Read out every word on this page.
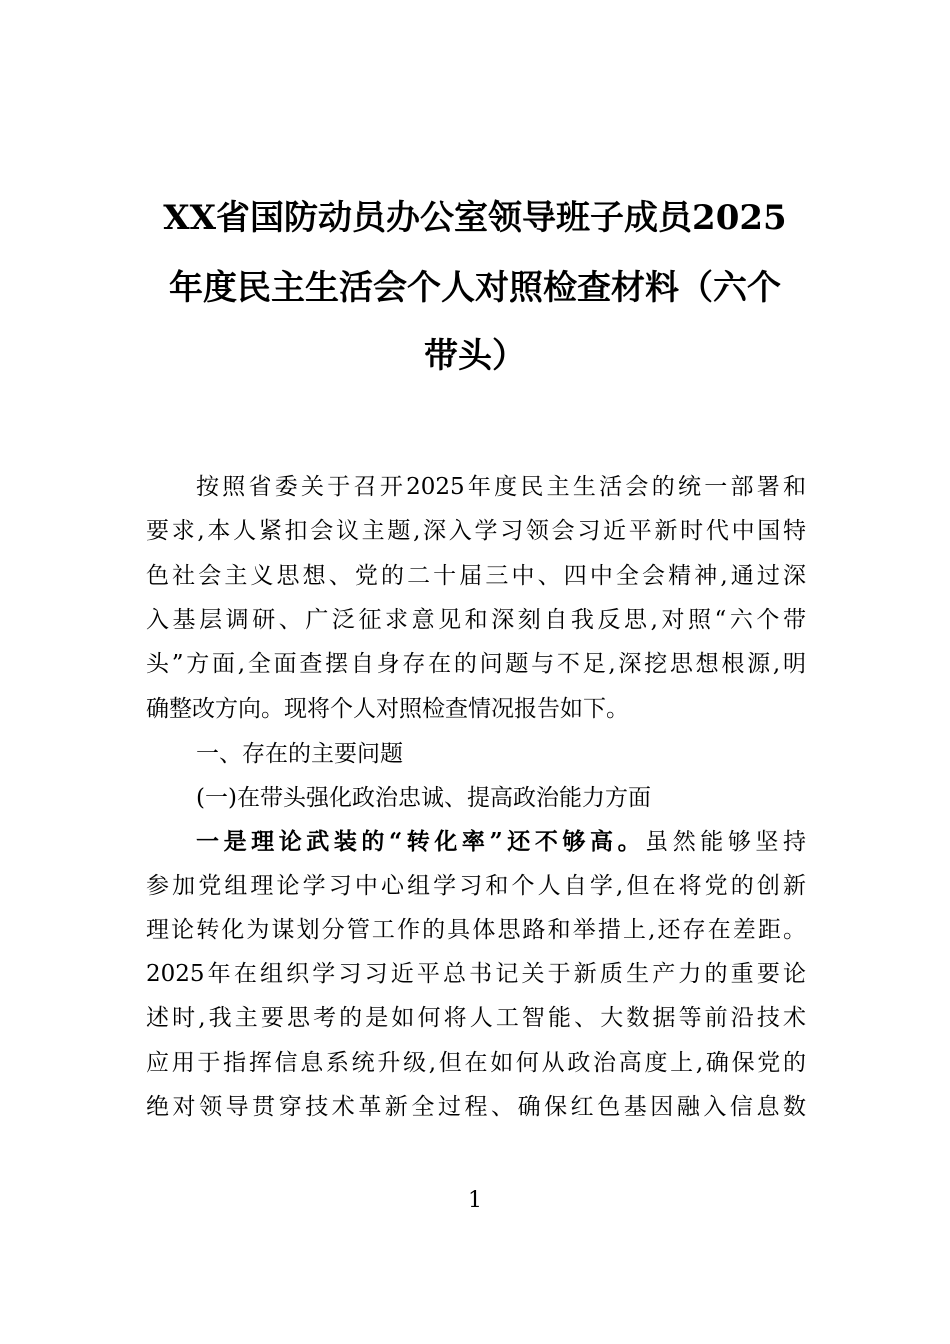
XX省国防动员办公室领导班子成员2025
年度民主生活会个人对照检查材料（六个
带头）
按照省委关于召开2025年度民主生活会的统一部署和
要求,本人紧扣会议主题,深入学习领会习近平新时代中国特
色社会主义思想、党的二十届三中、四中全会精神,通过深
入基层调研、广泛征求意见和深刻自我反思,对照“六个带
头”方面,全面查摆自身存在的问题与不足,深挖思想根源,明
确整改方向。现将个人对照检查情况报告如下。
一、存在的主要问题
(一)在带头强化政治忠诚、提高政治能力方面
一是理论武装的“转化率”还不够高。虽然能够坚持
参加党组理论学习中心组学习和个人自学,但在将党的创新
理论转化为谋划分管工作的具体思路和举措上,还存在差距。
2025年在组织学习习近平总书记关于新质生产力的重要论
述时,我主要思考的是如何将人工智能、大数据等前沿技术
应用于指挥信息系统升级,但在如何从政治高度上,确保党的
绝对领导贯穿技术革新全过程、确保红色基因融入信息数
1
